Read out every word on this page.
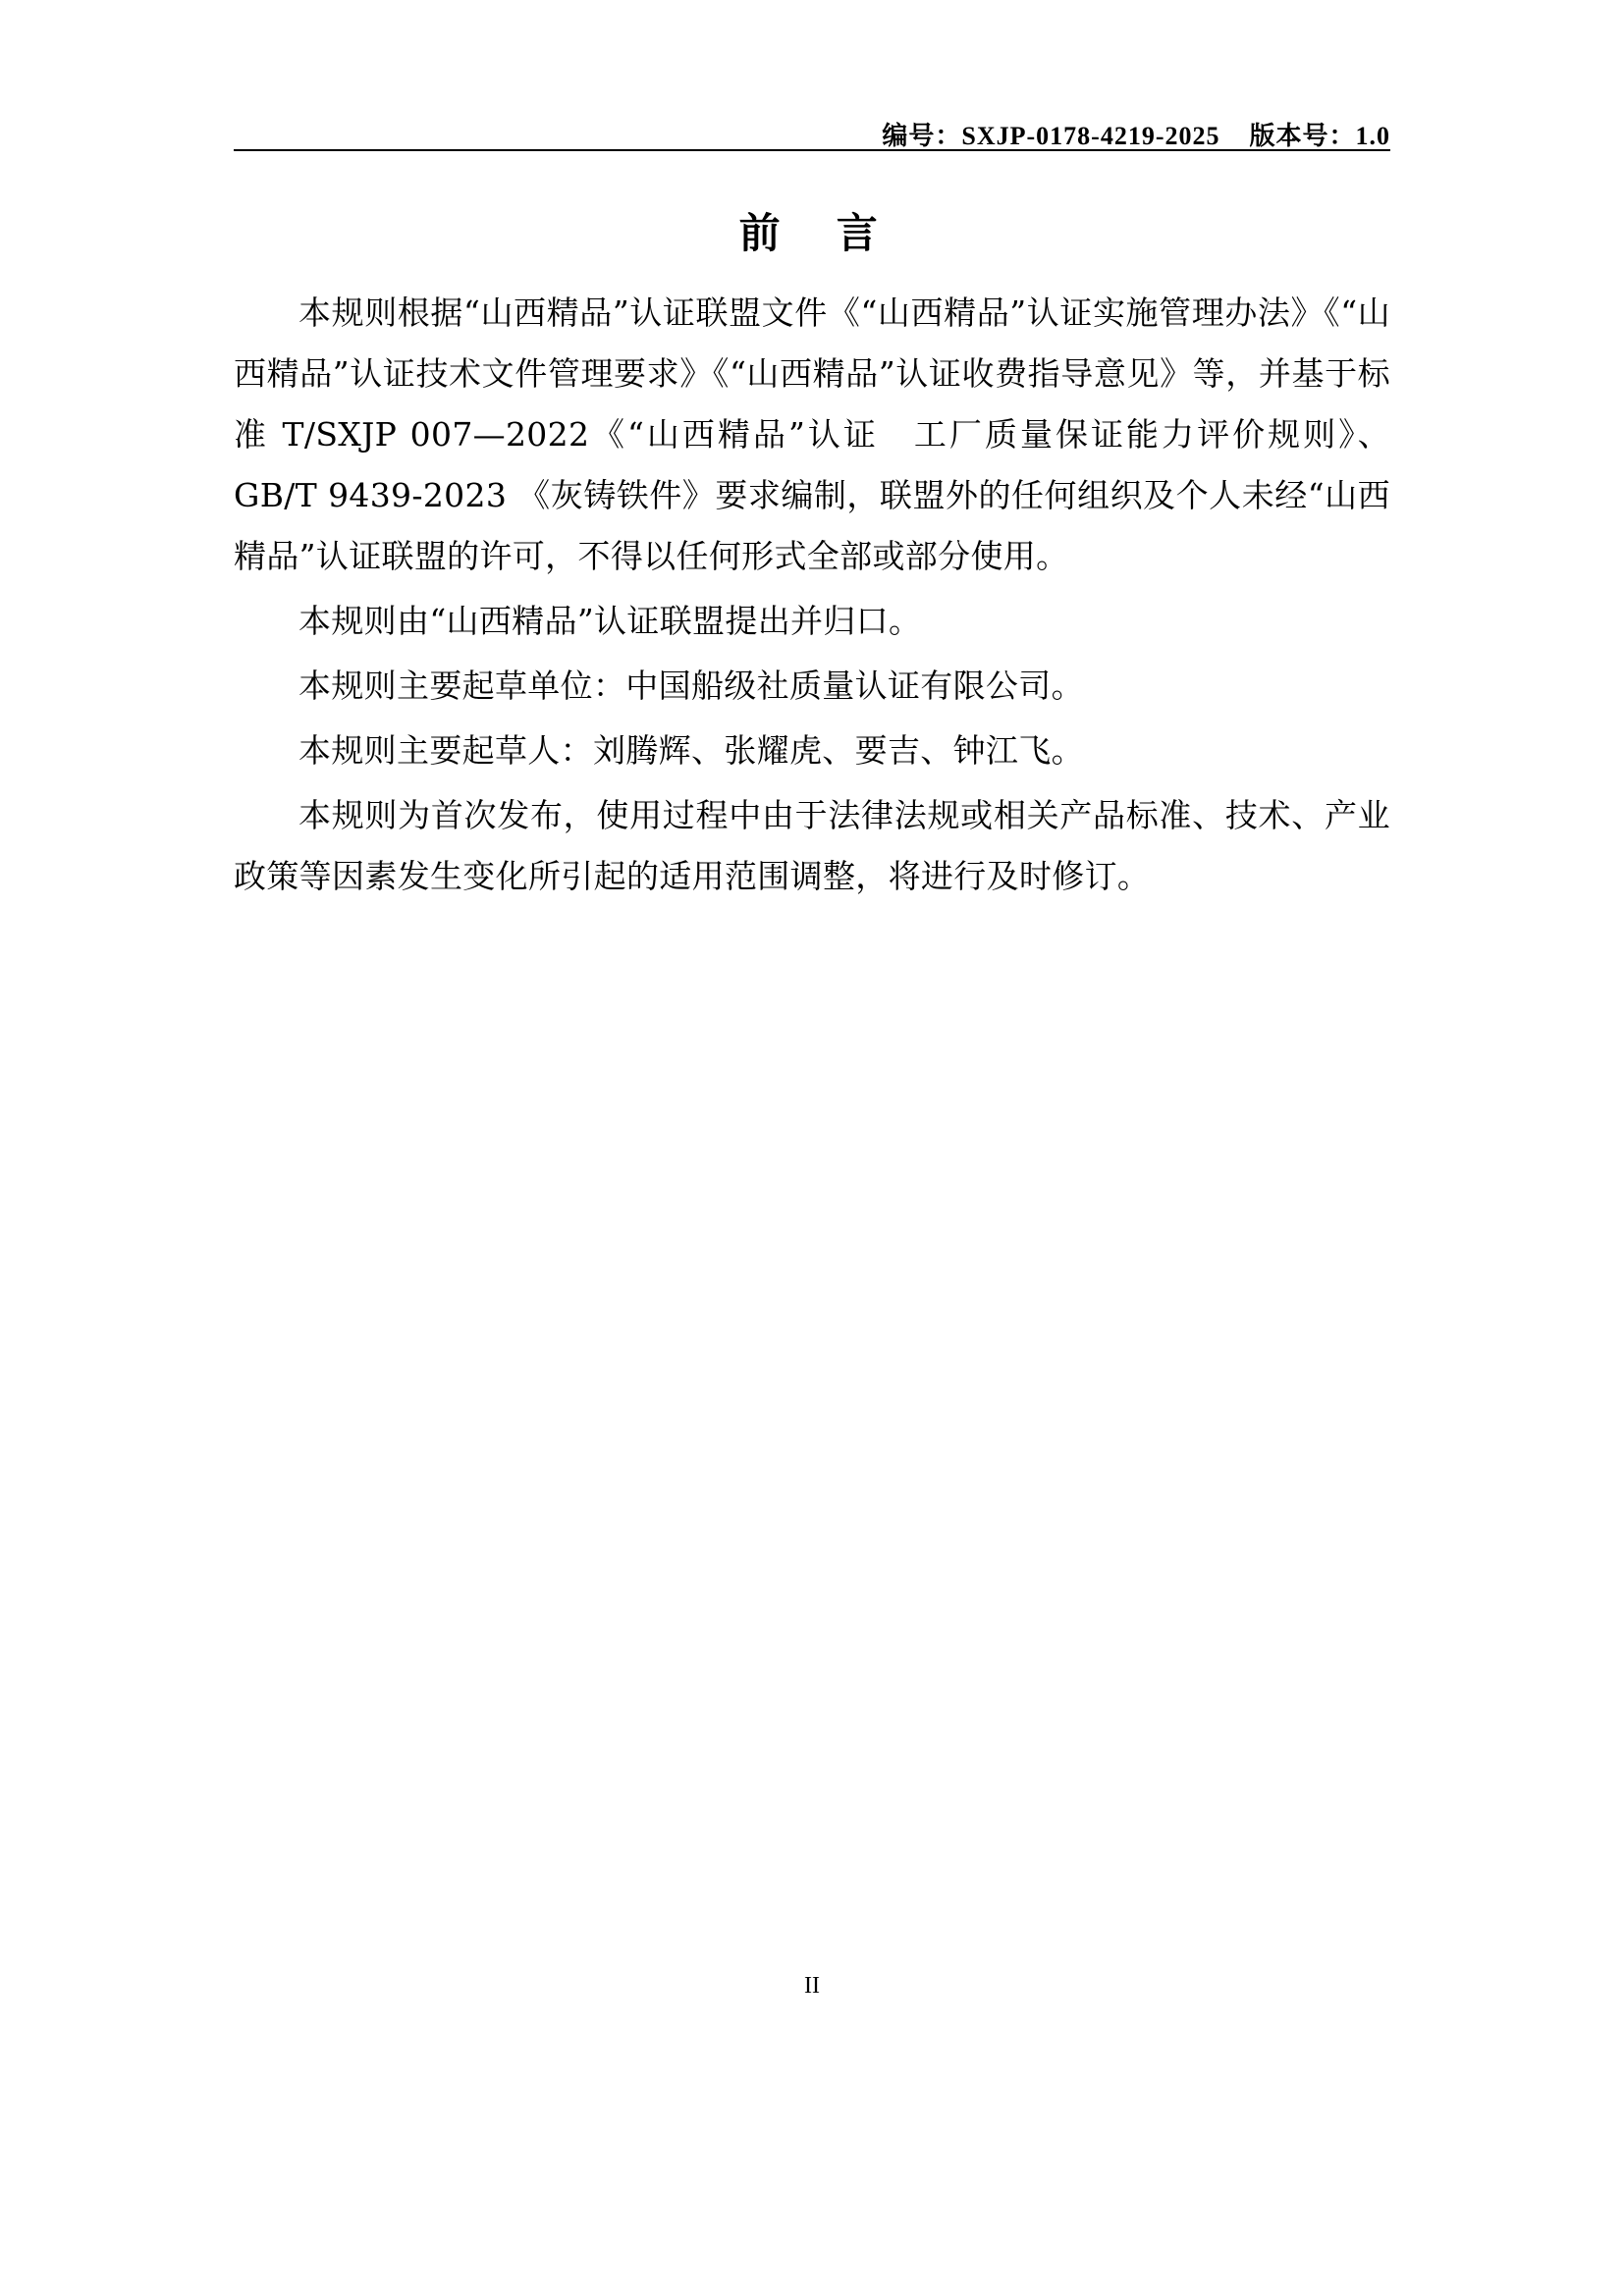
编号：SXJP-0178-4219-2025 版本号：1.0
前　言

本规则根据“山西精品”认证联盟文件《“山西精品”认证实施管理办法》《“山西精品”认证技术文件管理要求》《“山西精品”认证收费指导意见》等，并基于标准 T/SXJP 007—2022《“山西精品”认证　工厂质量保证能力评价规则》、GB/T 9439-2023 《灰铸铁件》要求编制，联盟外的任何组织及个人未经“山西精品”认证联盟的许可，不得以任何形式全部或部分使用。

本规则由“山西精品”认证联盟提出并归口。

本规则主要起草单位：中国船级社质量认证有限公司。

本规则主要起草人：刘腾辉、张耀虎、要吉、钟江飞。

本规则为首次发布，使用过程中由于法律法规或相关产品标准、技术、产业政策等因素发生变化所引起的适用范围调整，将进行及时修订。

II
